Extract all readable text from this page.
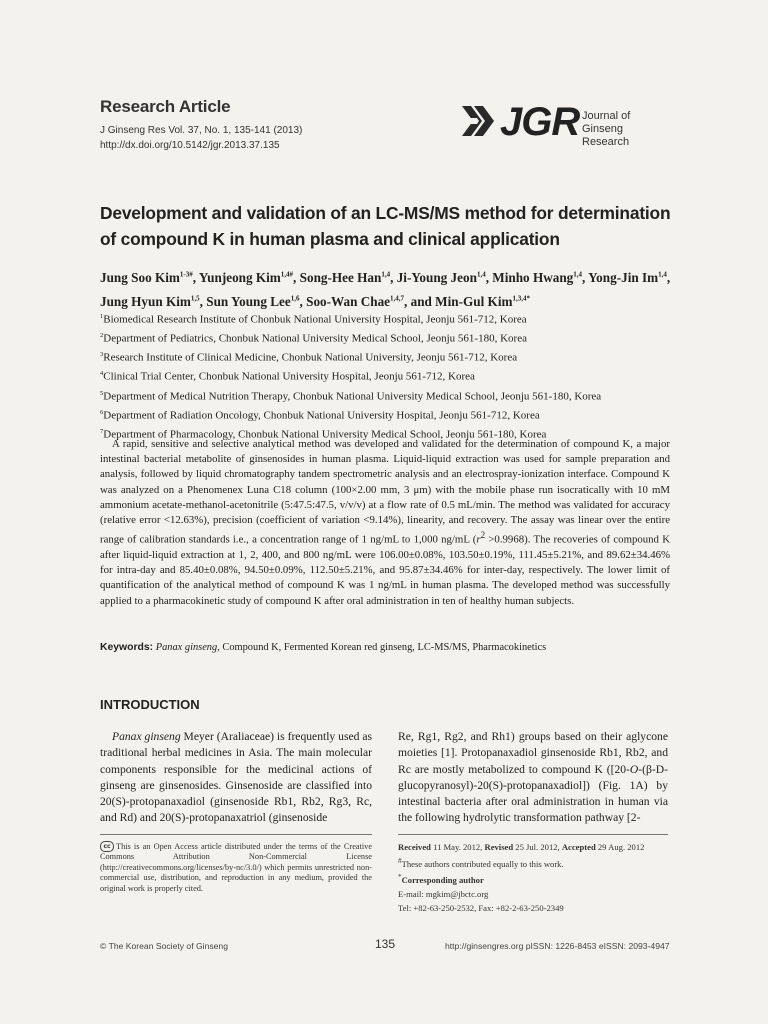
Research Article
J Ginseng Res Vol. 37, No. 1, 135-141 (2013)
http://dx.doi.org/10.5142/jgr.2013.37.135
JGR Journal of
Ginseng Research
Development and validation of an LC-MS/MS method for determination of compound K in human plasma and clinical application
Jung Soo Kim$^{1-3\#}$, Yunjeong Kim$^{1,4\#}$, Song-Hee Han$^{1,4}$, Ji-Young Jeon$^{1,4}$, Minho Hwang$^{1,4}$, Yong-Jin Im$^{1,4}$, Jung Hyun Kim$^{1,5}$, Sun Young Lee$^{1,6}$, Soo-Wan Chae$^{1,4,7}$, and Min-Gul Kim$^{1,3,4*}$
$^1$Biomedical Research Institute of Chonbuk National University Hospital, Jeonju 561-712, Korea
$^2$Department of Pediatrics, Chonbuk National University Medical School, Jeonju 561-180, Korea
$^3$Research Institute of Clinical Medicine, Chonbuk National University, Jeonju 561-712, Korea
$^4$Clinical Trial Center, Chonbuk National University Hospital, Jeonju 561-712, Korea
$^5$Department of Medical Nutrition Therapy, Chonbuk National University Medical School, Jeonju 561-180, Korea
$^6$Department of Radiation Oncology, Chonbuk National University Hospital, Jeonju 561-712, Korea
$^7$Department of Pharmacology, Chonbuk National University Medical School, Jeonju 561-180, Korea
A rapid, sensitive and selective analytical method was developed and validated for the determination of compound K, a major intestinal bacterial metabolite of ginsenosides in human plasma. Liquid-liquid extraction was used for sample preparation and analysis, followed by liquid chromatography tandem spectrometric analysis and an electrospray-ionization interface. Compound K was analyzed on a Phenomenex Luna C18 column (100×2.00 mm, 3 μm) with the mobile phase run isocratically with 10 mM ammonium acetate-methanol-acetonitrile (5:47.5:47.5, v/v/v) at a flow rate of 0.5 mL/min. The method was validated for accuracy (relative error <12.63%), precision (coefficient of variation <9.14%), linearity, and recovery. The assay was linear over the entire range of calibration standards i.e., a concentration range of 1 ng/mL to 1,000 ng/mL $(r^2 >0.9968)$. The recoveries of compound K after liquid-liquid extraction at 1, 2, 400, and 800 ng/mL were 106.00±0.08%, 103.50±0.19%, 111.45±5.21%, and 89.62±34.46% for intra-day and 85.40±0.08%, 94.50±0.09%, 112.50±5.21%, and 95.87±34.46% for inter-day, respectively. The lower limit of quantification of the analytical method of compound K was 1 ng/mL in human plasma. The developed method was successfully applied to a pharmacokinetic study of compound K after oral administration in ten of healthy human subjects.
Keywords: Panax ginseng, Compound K, Fermented Korean red ginseng, LC-MS/MS, Pharmacokinetics
INTRODUCTION
Panax ginseng Meyer (Araliaceae) is frequently used as traditional herbal medicines in Asia. The main molecular components responsible for the medicinal actions of ginseng are ginsenosides. Ginsenoside are classified into 20(S)-protopanaxadiol (ginsenoside Rb1, Rb2, Rg3, Rc, and Rd) and 20(S)-protopanaxatriol (ginsenoside
Re, Rg1, Rg2, and Rh1) groups based on their aglycone moieties [1]. Protopanaxadiol ginsenoside Rb1, Rb2, and Rc are mostly metabolized to compound K ([20-O-(β-D-glucopyranosyl)-20(S)-protopanaxadiol]) (Fig. 1A) by intestinal bacteria after oral administration in human via the following hydrolytic transformation pathway [2-
cc This is an Open Access article distributed under the terms of the Creative Commons Attribution Non-Commercial License (http://creativecommons.org/licenses/by-nc/3.0/) which permits unrestricted non-commercial use, distribution, and reproduction in any medium, provided the original work is properly cited.
Received 11 May. 2012, Revised 25 Jul. 2012, Accepted 29 Aug. 2012
#These authors contributed equally to this work.
*Corresponding author
E-mail: mgkim@jbctc.org
Tel: +82-63-250-2532, Fax: +82-2-63-250-2349
© The Korean Society of Ginseng	135	http://ginsengres.org pISSN: 1226-8453 eISSN: 2093-4947
